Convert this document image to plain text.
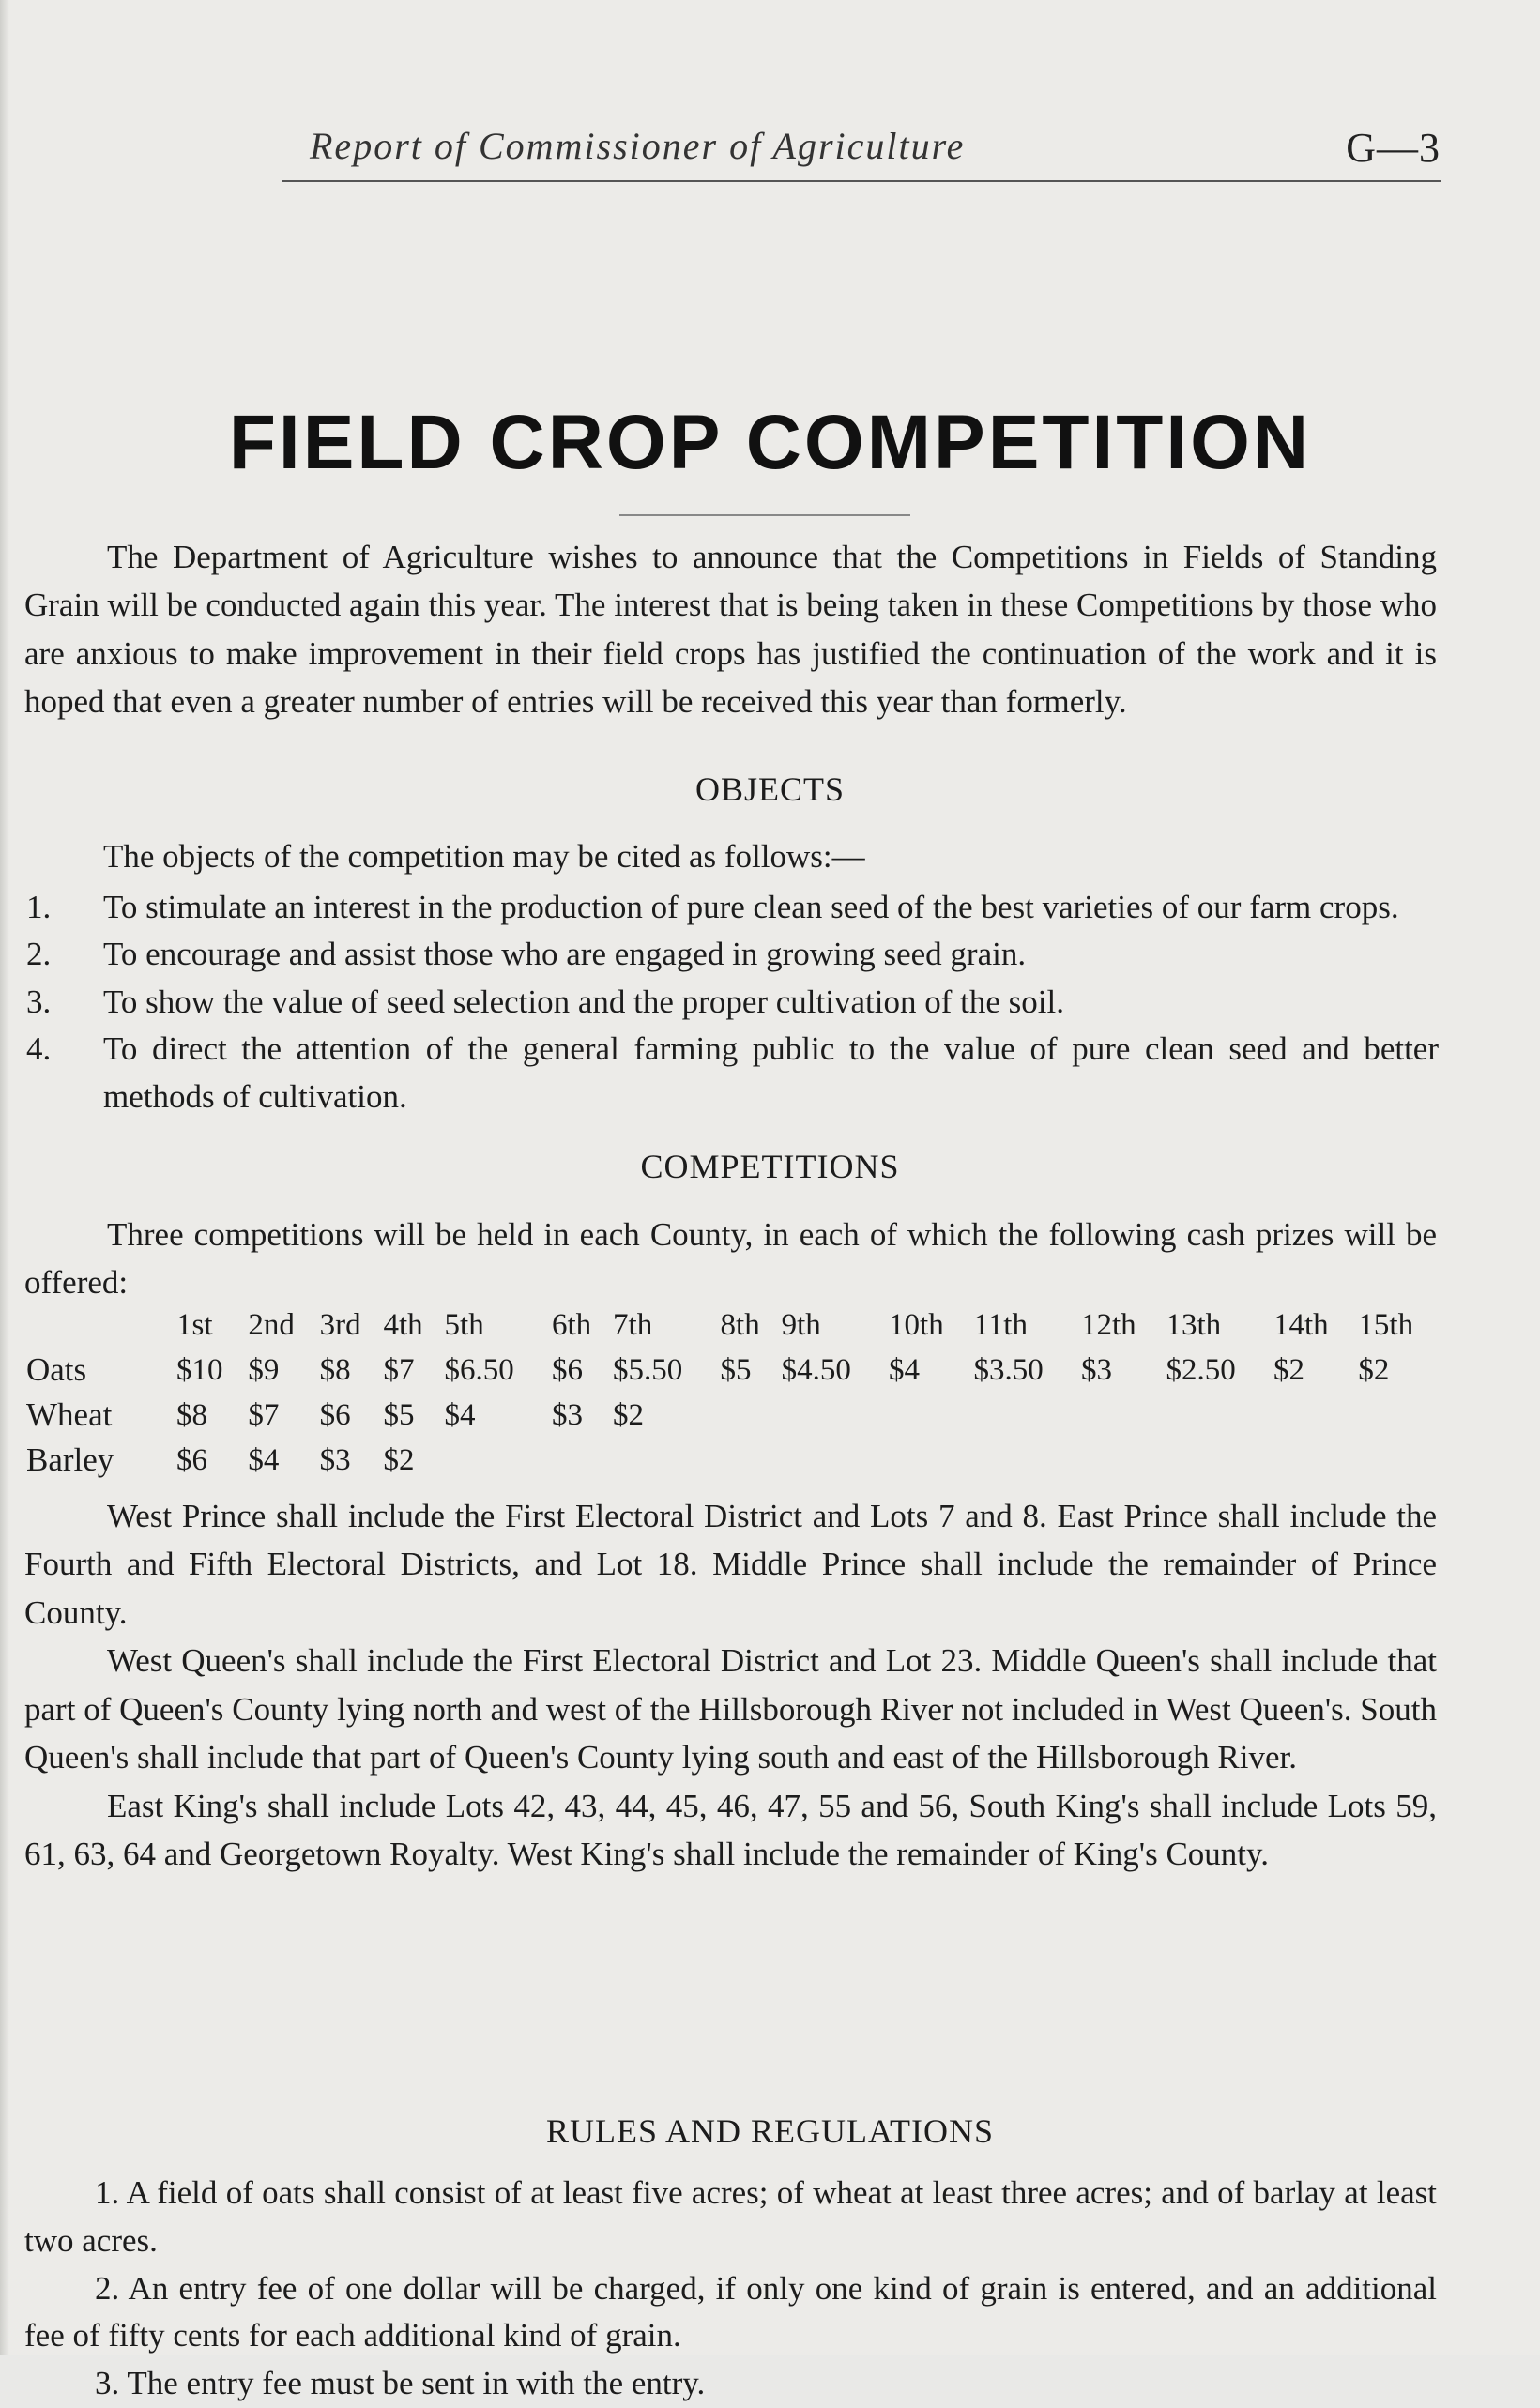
Report of Commissioner of Agriculture	G—3
FIELD CROP COMPETITION

The Department of Agriculture wishes to announce that the Competitions in Fields of Standing Grain will be conducted again this year. The interest that is being taken in these Competitions by those who are anxious to make improvement in their field crops has justified the continuation of the work and it is hoped that even a greater number of entries will be received this year than formerly.

OBJECTS
The objects of the competition may be cited as follows:—
1.	To stimulate an interest in the production of pure clean seed of the best varieties of our farm crops.
2.	To encourage and assist those who are engaged in growing seed grain.
3.	To show the value of seed selection and the proper cultivation of the soil.
4.	To direct the attention of the general farming public to the value of pure clean seed and better methods of cultivation.
COMPETITIONS

Three competitions will be held in each County, in each of which the following cash prizes will be offered:

	1st	2nd	3rd	4th	5th	6th	7th	8th	9th	10th	11th	12th	13th	14th	15th
Oats	$10	$9	$8	$7	$6.50	$6	$5.50	$5	$4.50	$4	$3.50	$3	$2.50	$2	$2
Wheat	$8	$7	$6	$5	$4	$3	$2								
Barley	$6	$4	$3	$2											

West Prince shall include the First Electoral District and Lots 7 and 8. East Prince shall include the Fourth and Fifth Electoral Districts, and Lot 18. Middle Prince shall include the remainder of Prince County.

West Queen's shall include the First Electoral District and Lot 23. Middle Queen's shall include that part of Queen's County lying north and west of the Hillsborough River not included in West Queen's. South Queen's shall include that part of Queen's County lying south and east of the Hillsborough River.

East King's shall include Lots 42, 43, 44, 45, 46, 47, 55 and 56, South King's shall include Lots 59, 61, 63, 64 and Georgetown Royalty. West King's shall include the remainder of King's County.

RULES AND REGULATIONS

1. A field of oats shall consist of at least five acres; of wheat at least three acres; and of barlay at least two acres.

2. An entry fee of one dollar will be charged, if only one kind of grain is entered, and an additional fee of fifty cents for each additional kind of grain.

3. The entry fee must be sent in with the entry.
